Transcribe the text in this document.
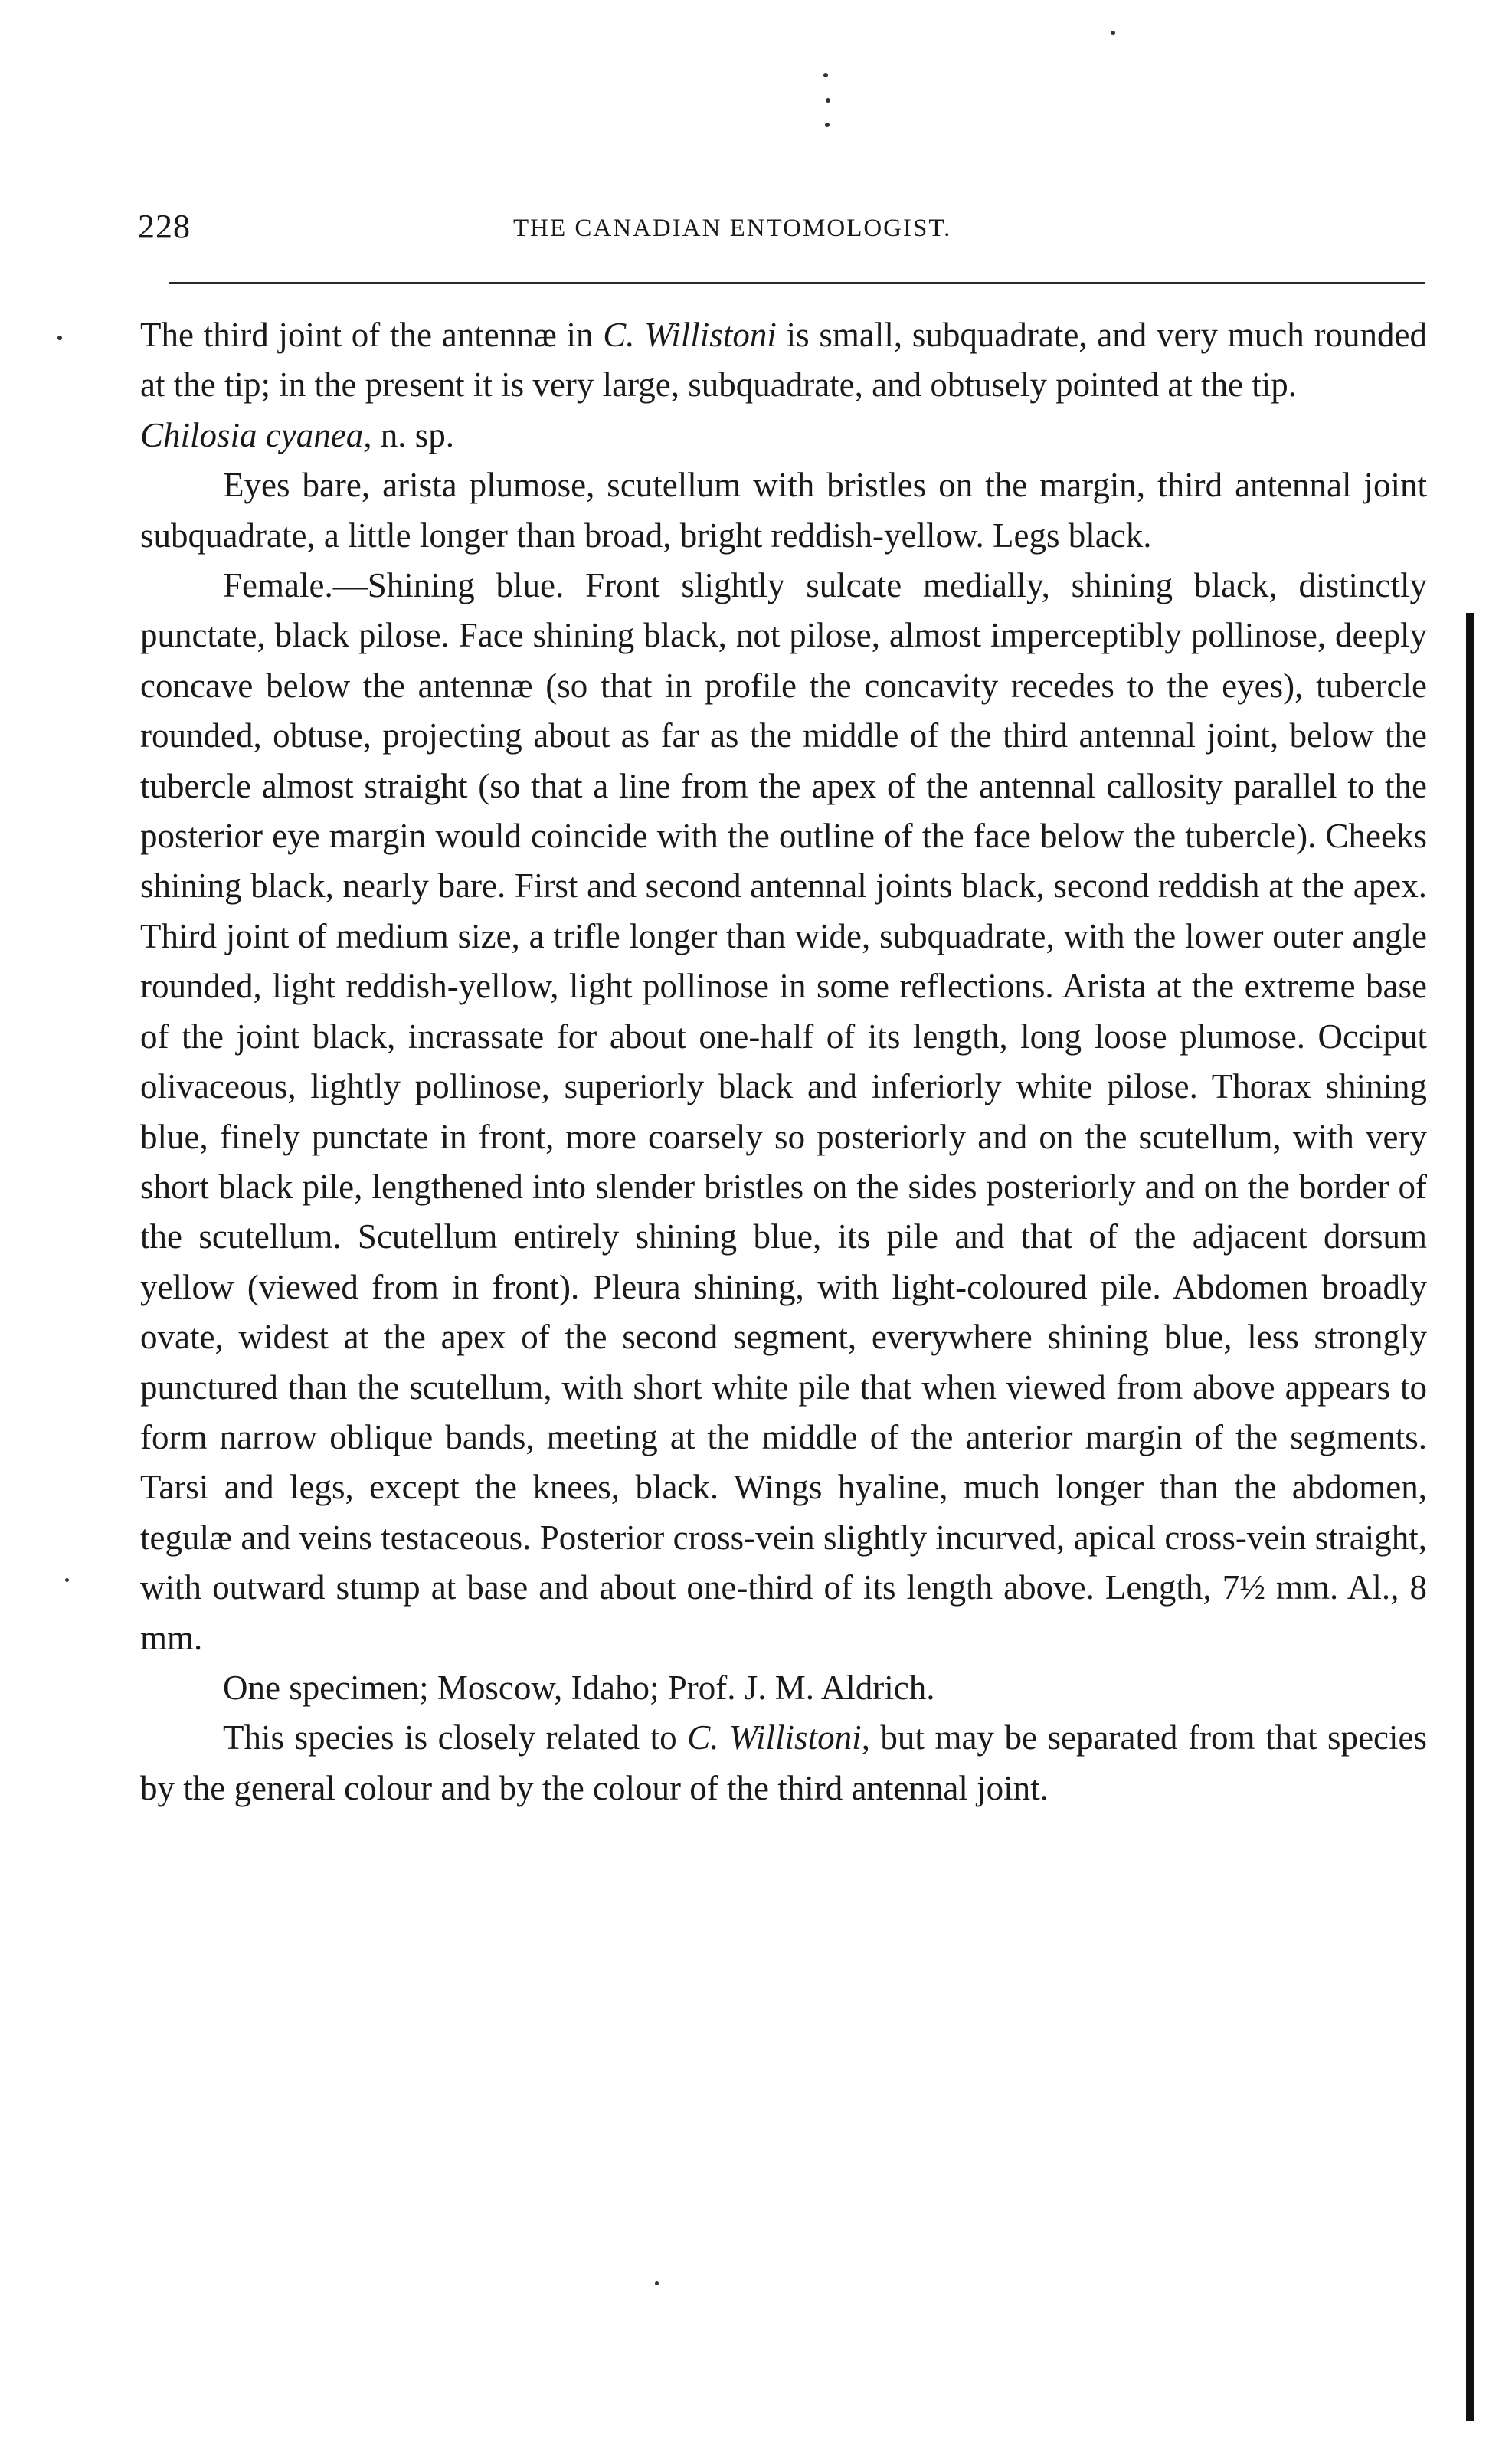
228	THE CANADIAN ENTOMOLOGIST.

The third joint of the antennæ in C. Willistoni is small, subquadrate, and very much rounded at the tip; in the present it is very large, subquadrate, and obtusely pointed at the tip.

Chilosia cyanea, n. sp.

Eyes bare, arista plumose, scutellum with bristles on the margin, third antennal joint subquadrate, a little longer than broad, bright reddish-yellow. Legs black.

Female.—Shining blue. Front slightly sulcate medially, shining black, distinctly punctate, black pilose. Face shining black, not pilose, almost imperceptibly pollinose, deeply concave below the antennæ (so that in profile the concavity recedes to the eyes), tubercle rounded, obtuse, projecting about as far as the middle of the third antennal joint, below the tubercle almost straight (so that a line from the apex of the antennal callosity parallel to the posterior eye margin would coincide with the outline of the face below the tubercle). Cheeks shining black, nearly bare. First and second antennal joints black, second reddish at the apex. Third joint of medium size, a trifle longer than wide, subquadrate, with the lower outer angle rounded, light reddish-yellow, light pollinose in some reflections. Arista at the extreme base of the joint black, incrassate for about one-half of its length, long loose plumose. Occiput olivaceous, lightly pollinose, superiorly black and inferiorly white pilose. Thorax shining blue, finely punctate in front, more coarsely so posteriorly and on the scutellum, with very short black pile, lengthened into slender bristles on the sides posteriorly and on the border of the scutellum. Scutellum entirely shining blue, its pile and that of the adjacent dorsum yellow (viewed from in front). Pleura shining, with light-coloured pile. Abdomen broadly ovate, widest at the apex of the second segment, everywhere shining blue, less strongly punctured than the scutellum, with short white pile that when viewed from above appears to form narrow oblique bands, meeting at the middle of the anterior margin of the segments. Tarsi and legs, except the knees, black. Wings hyaline, much longer than the abdomen, tegulæ and veins testaceous. Posterior cross-vein slightly incurved, apical cross-vein straight, with outward stump at base and about one-third of its length above. Length, 7½ mm. Al., 8 mm.

One specimen; Moscow, Idaho; Prof. J. M. Aldrich.

This species is closely related to C. Willistoni, but may be separated from that species by the general colour and by the colour of the third antennal joint.
